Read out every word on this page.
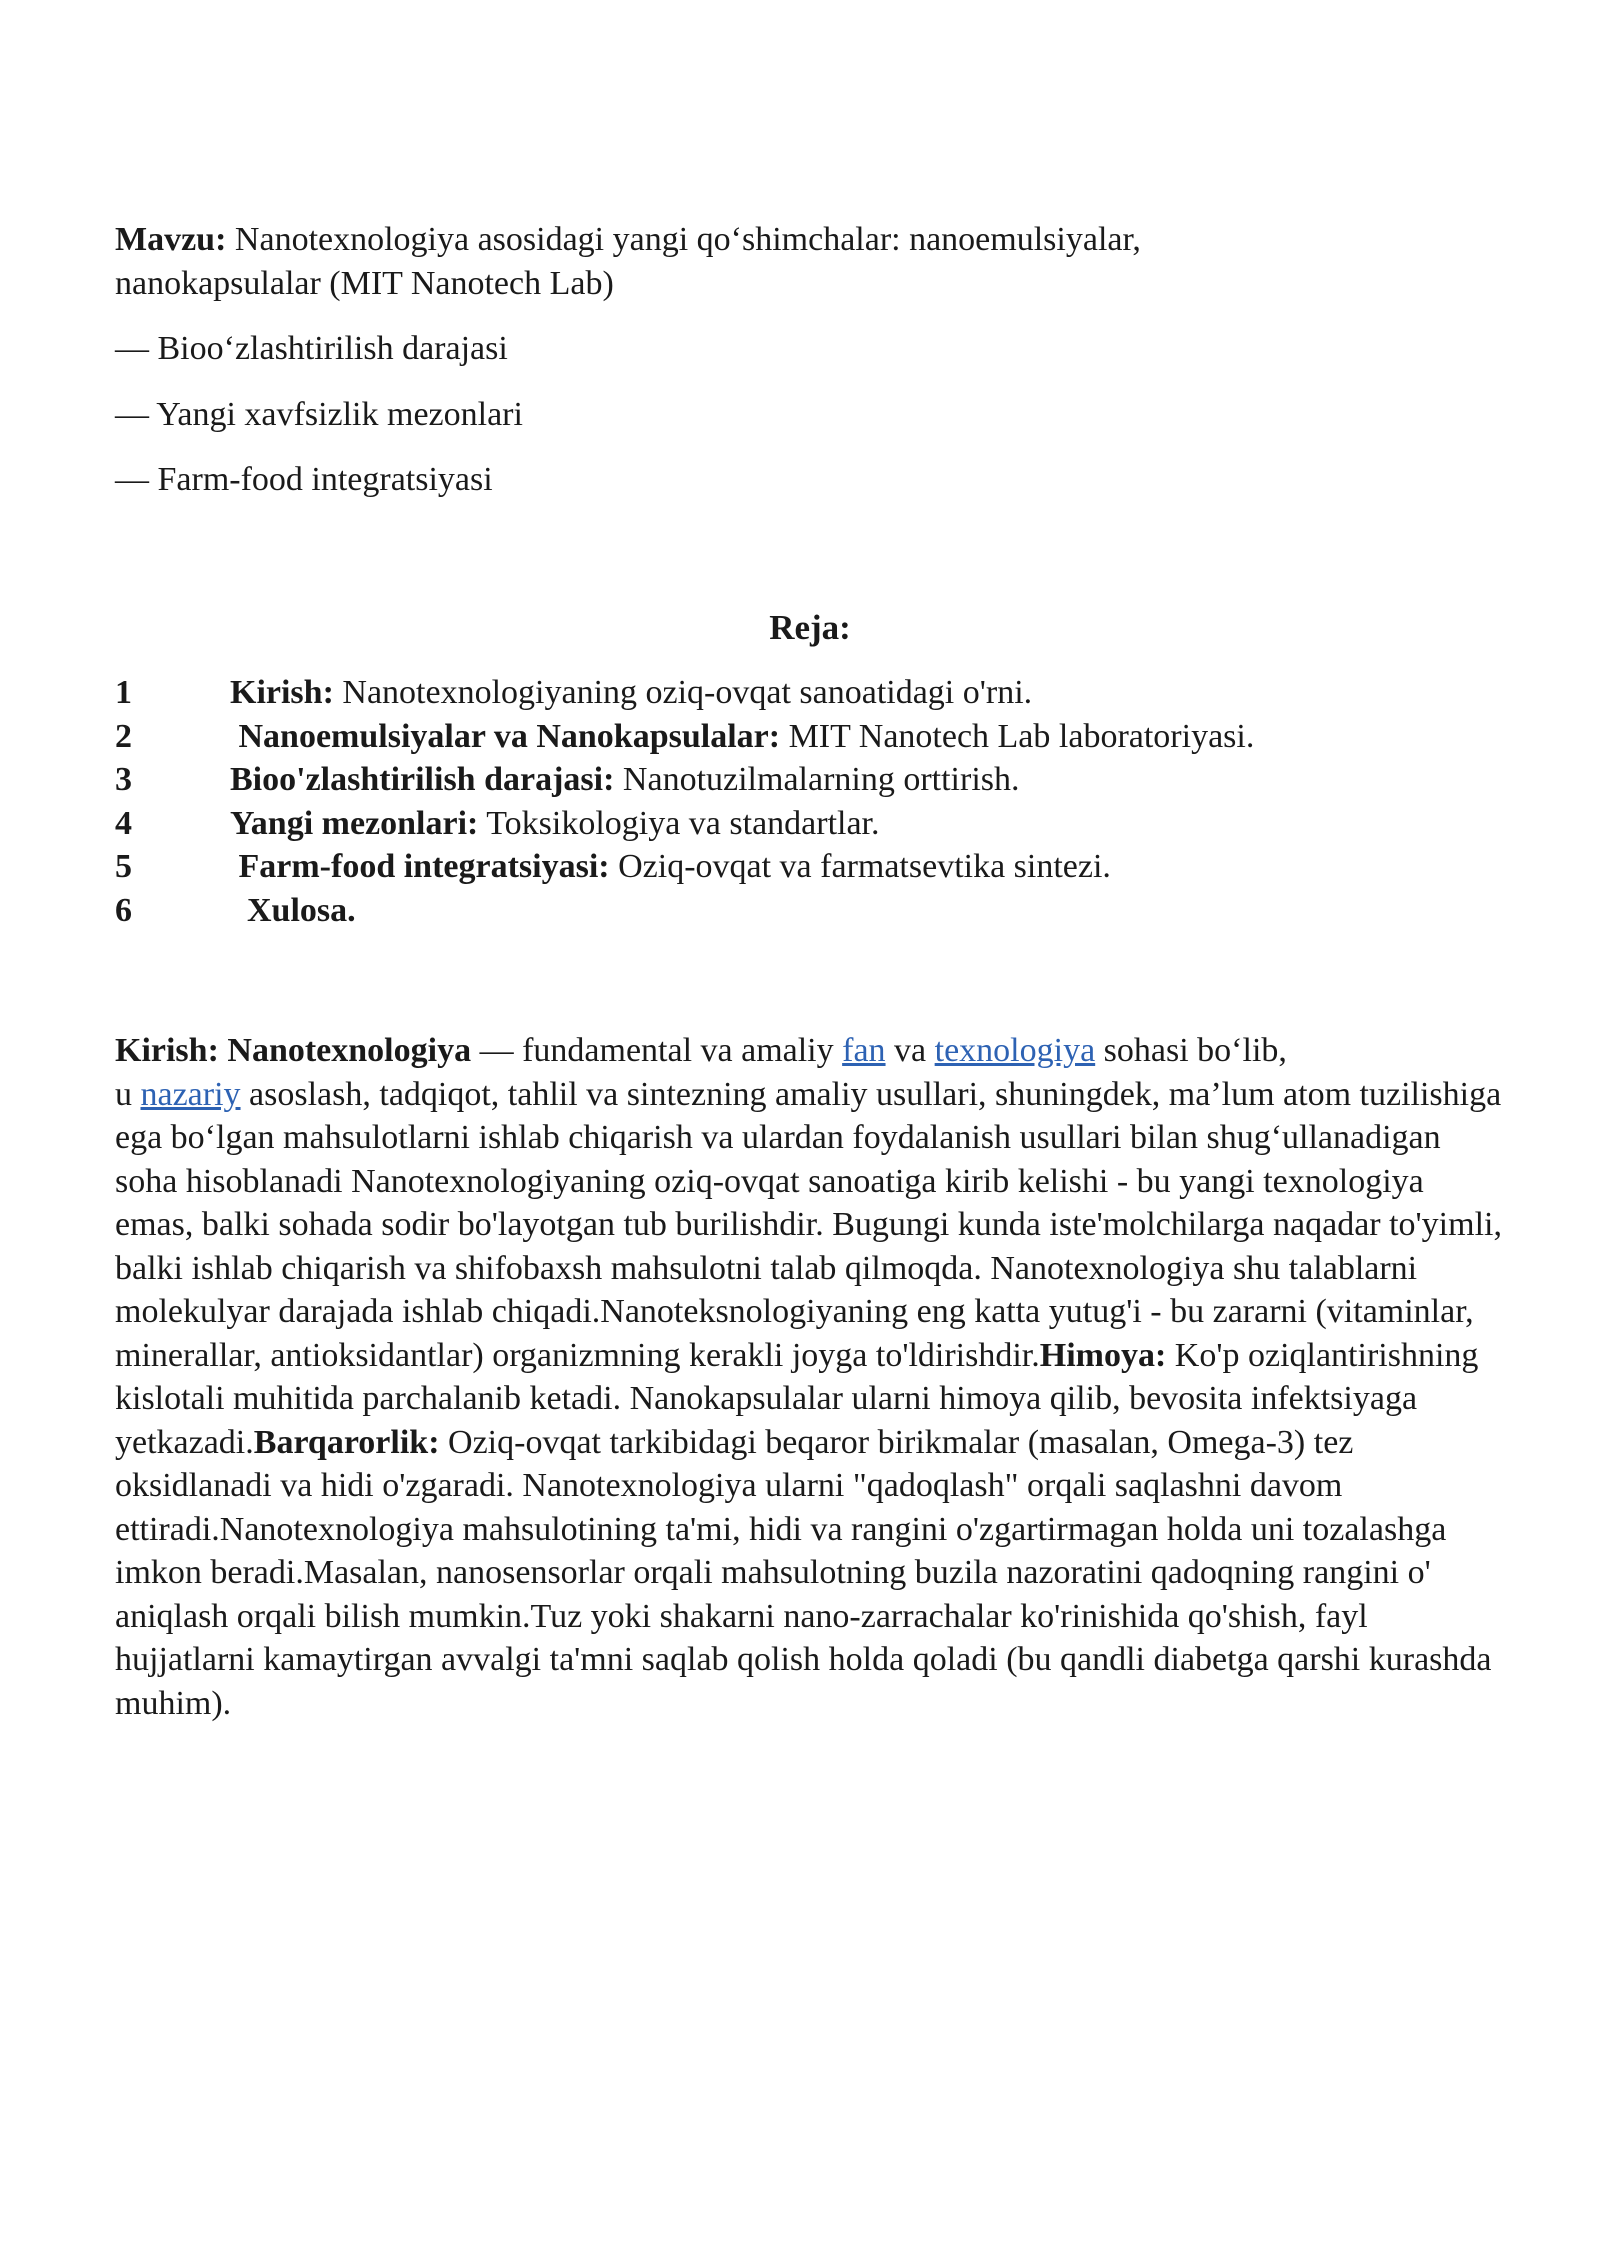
Mavzu: Nanotexnologiya asosidagi yangi qo‘shimchalar: nanoemulsiyalar,
nanokapsulalar (MIT Nanotech Lab)
— Bioo‘zlashtirilish darajasi
— Yangi xavfsizlik mezonlari
— Farm-food integratsiyasi
Reja:
1	Kirish: Nanotexnologiyaning oziq-ovqat sanoatidagi o'rni.
2	Nanoemulsiyalar va Nanokapsulalar: MIT Nanotech Lab laboratoriyasi.
3	Bioo'zlashtirilish darajasi: Nanotuzilmalarning orttirish.
4	Yangi mezonlari: Toksikologiya va standartlar.
5	Farm-food integratsiyasi: Oziq-ovqat va farmatsevtika sintezi.
6	Xulosa.
Kirish: Nanotexnologiya — fundamental va amaliy fan va texnologiya sohasi bo‘lib,
u nazariy asoslash, tadqiqot, tahlil va sintezning amaliy usullari, shuningdek, ma’lum atom tuzilishiga ega bo‘lgan mahsulotlarni ishlab chiqarish va ulardan foydalanish usullari bilan shug‘ullanadigan soha hisoblanadi Nanotexnologiyaning oziq-ovqat sanoatiga kirib kelishi - bu yangi texnologiya emas, balki sohada sodir bo'layotgan tub burilishdir. Bugungi kunda iste'molchilarga naqadar to'yimli, balki ishlab chiqarish va shifobaxsh mahsulotni talab qilmoqda. Nanotexnologiya shu talablarni molekulyar darajada ishlab chiqadi.Nanoteksnologiyaning eng katta yutug'i - bu zararni (vitaminlar, minerallar, antioksidantlar) organizmning kerakli joyga to'ldirishdir.Himoya: Ko'p oziqlantirishning kislotali muhitida parchalanib ketadi. Nanokapsulalar ularni himoya qilib, bevosita infektsiyaga yetkazadi.Barqarorlik: Oziq-ovqat tarkibidagi beqaror birikmalar (masalan, Omega-3) tez oksidlanadi va hidi o'zgaradi. Nanotexnologiya ularni "qadoqlash" orqali saqlashni davom ettiradi.Nanotexnologiya mahsulotining ta'mi, hidi va rangini o'zgartirmagan holda uni tozalashga imkon beradi.Masalan, nanosensorlar orqali mahsulotning buzila nazoratini qadoqning rangini o' aniqlash orqali bilish mumkin.Tuz yoki shakarni nano-zarrachalar ko'rinishida qo'shish, fayl hujjatlarni kamaytirgan avvalgi ta'mni saqlab qolish holda qoladi (bu qandli diabetga qarshi kurashda muhim).
